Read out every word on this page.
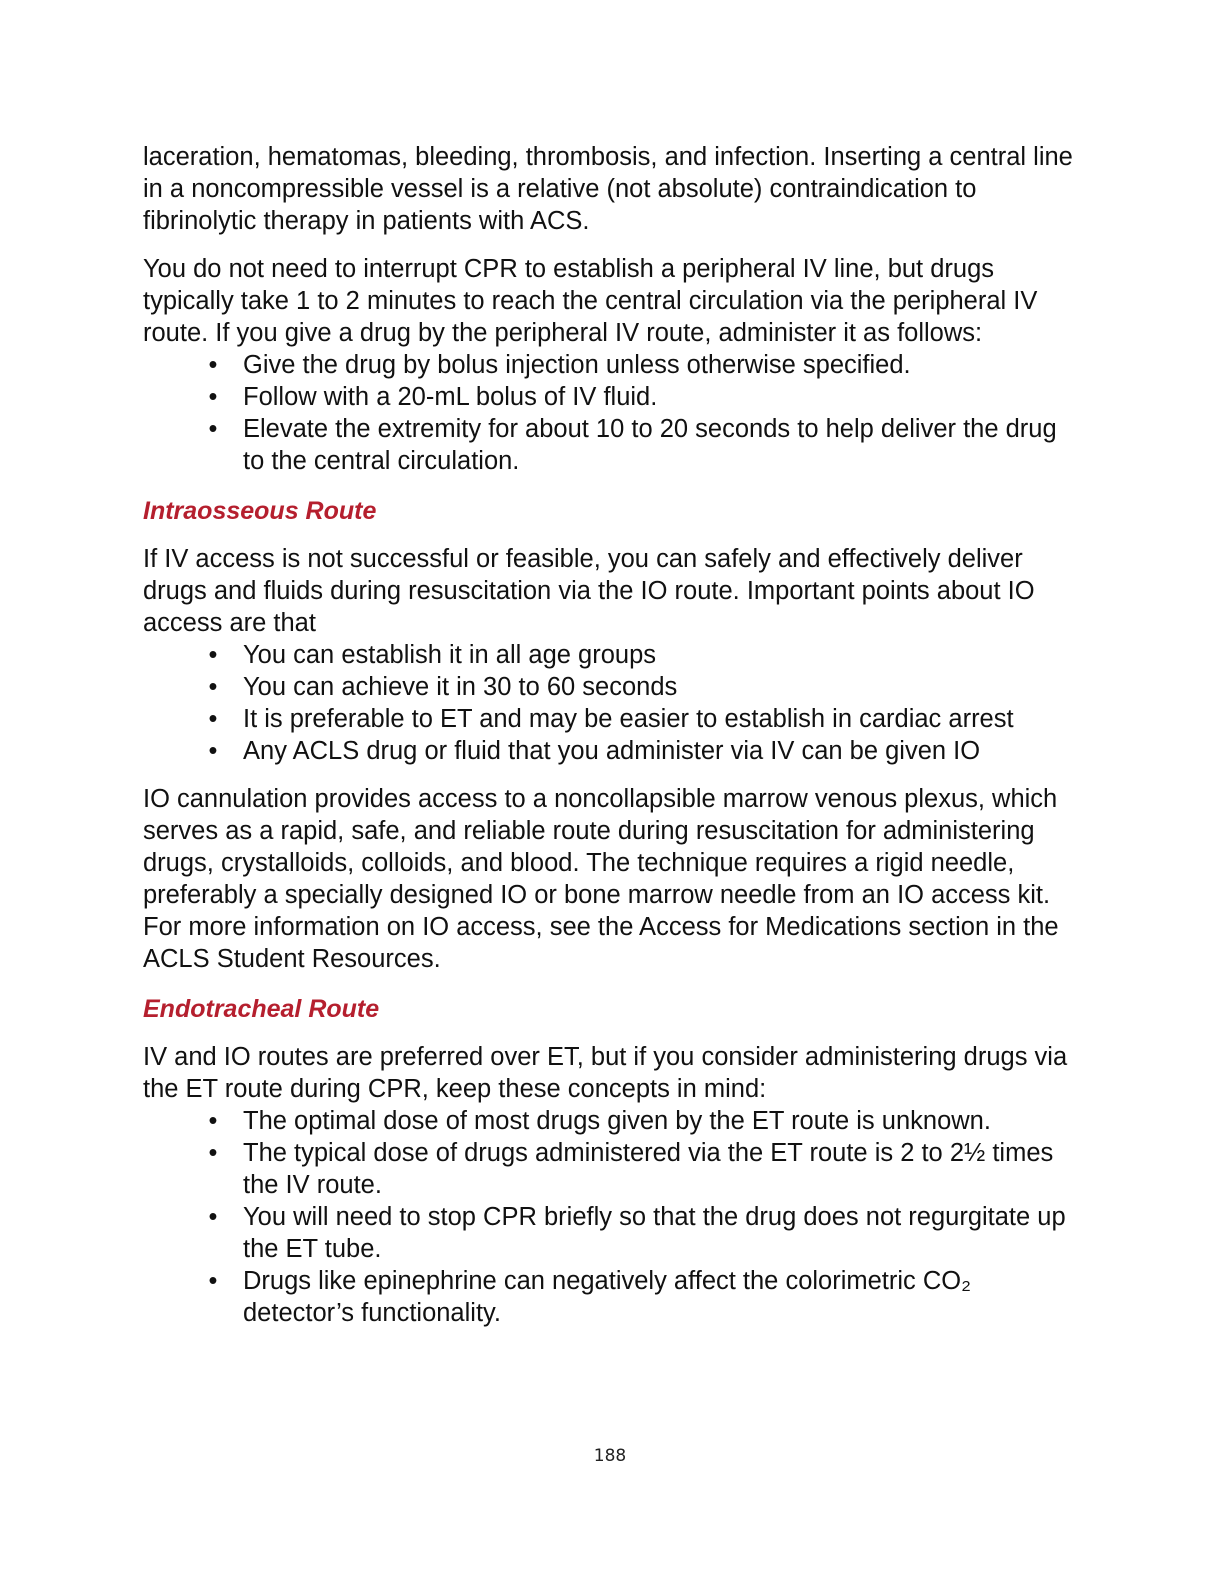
laceration, hematomas, bleeding, thrombosis, and infection. Inserting a central line in a noncompressible vessel is a relative (not absolute) contraindication to fibrinolytic therapy in patients with ACS.

You do not need to interrupt CPR to establish a peripheral IV line, but drugs typically take 1 to 2 minutes to reach the central circulation via the peripheral IV route. If you give a drug by the peripheral IV route, administer it as follows:

• Give the drug by bolus injection unless otherwise specified.
• Follow with a 20-mL bolus of IV fluid.
• Elevate the extremity for about 10 to 20 seconds to help deliver the drug to the central circulation.
Intraosseous Route

If IV access is not successful or feasible, you can safely and effectively deliver drugs and fluids during resuscitation via the IO route. Important points about IO access are that

• You can establish it in all age groups
• You can achieve it in 30 to 60 seconds
• It is preferable to ET and may be easier to establish in cardiac arrest
• Any ACLS drug or fluid that you administer via IV can be given IO

IO cannulation provides access to a noncollapsible marrow venous plexus, which serves as a rapid, safe, and reliable route during resuscitation for administering drugs, crystalloids, colloids, and blood. The technique requires a rigid needle, preferably a specially designed IO or bone marrow needle from an IO access kit. For more information on IO access, see the Access for Medications section in the ACLS Student Resources.

Endotracheal Route

IV and IO routes are preferred over ET, but if you consider administering drugs via the ET route during CPR, keep these concepts in mind:

• The optimal dose of most drugs given by the ET route is unknown.
• The typical dose of drugs administered via the ET route is 2 to 2½ times the IV route.
• You will need to stop CPR briefly so that the drug does not regurgitate up the ET tube.
• Drugs like epinephrine can negatively affect the colorimetric CO₂ detector’s functionality.
188
